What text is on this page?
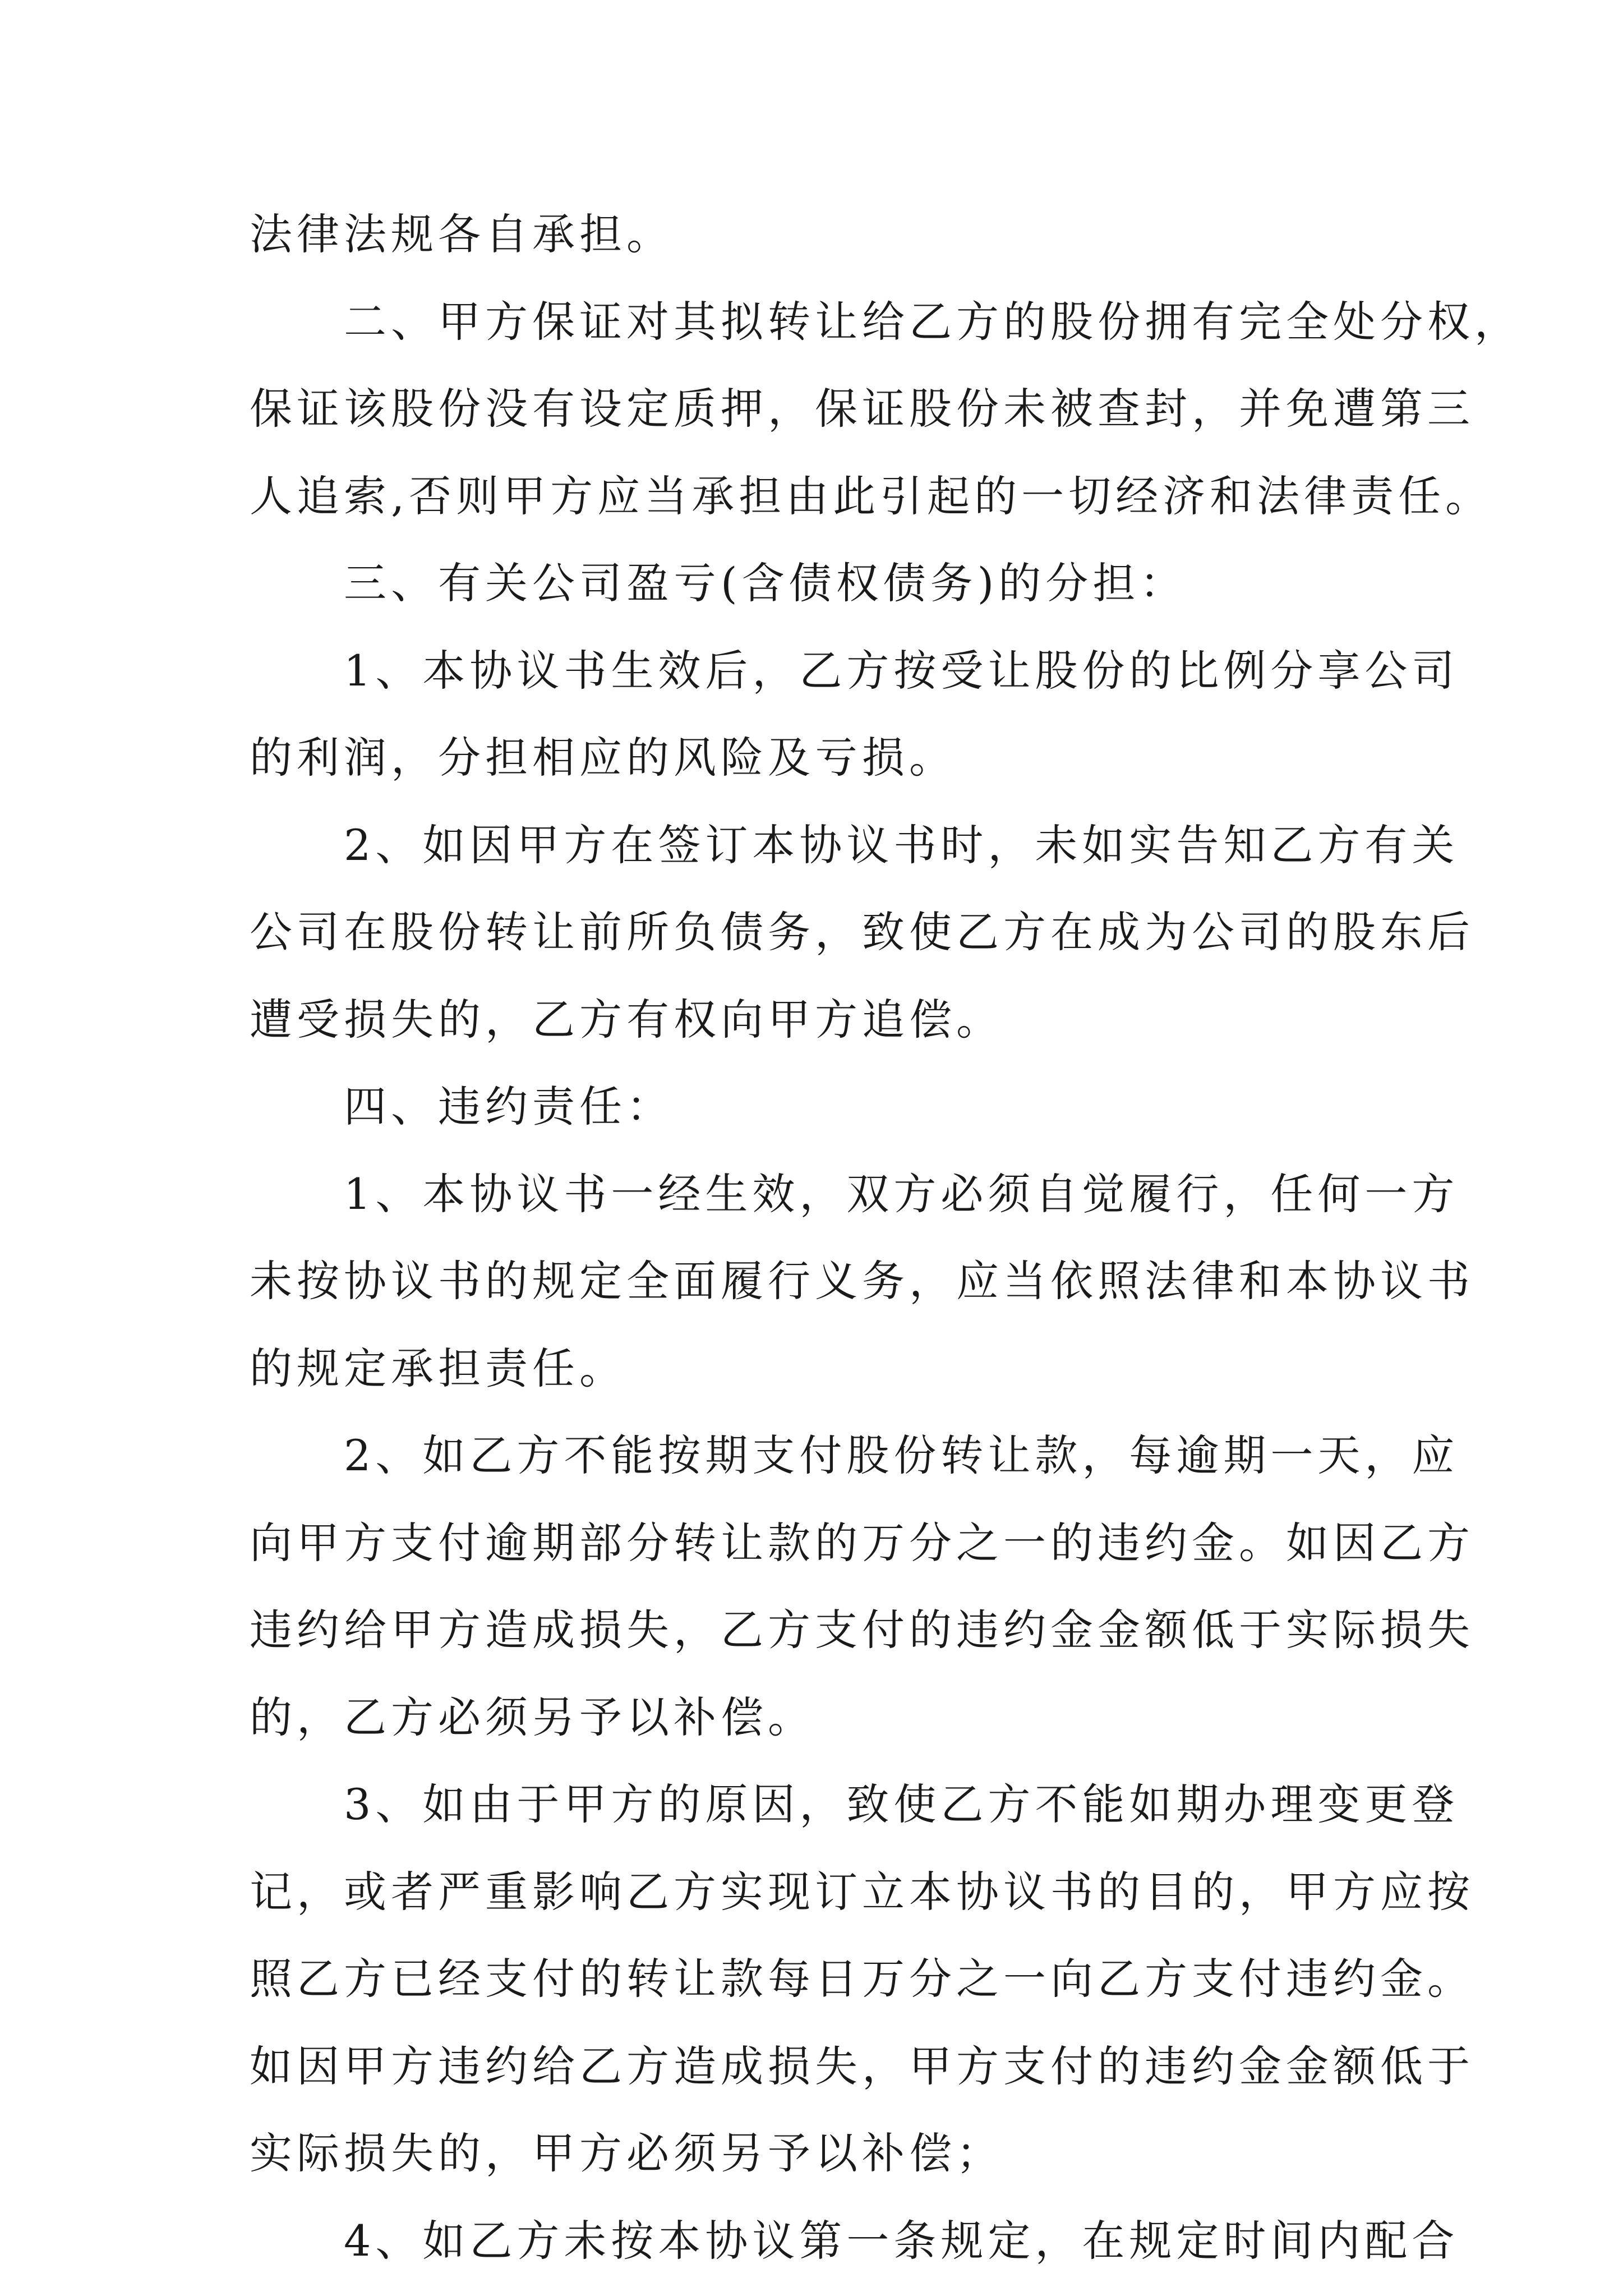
法律法规各自承担。

二、甲方保证对其拟转让给乙方的股份拥有完全处分权，
保证该股份没有设定质押，保证股份未被查封，并免遭第三
人追索,否则甲方应当承担由此引起的一切经济和法律责任。

三、有关公司盈亏(含债权债务)的分担：

1、本协议书生效后，乙方按受让股份的比例分享公司
的利润，分担相应的风险及亏损。

2、如因甲方在签订本协议书时，未如实告知乙方有关
公司在股份转让前所负债务，致使乙方在成为公司的股东后
遭受损失的，乙方有权向甲方追偿。

四、违约责任：

1、本协议书一经生效，双方必须自觉履行，任何一方
未按协议书的规定全面履行义务，应当依照法律和本协议书
的规定承担责任。

2、如乙方不能按期支付股份转让款，每逾期一天，应
向甲方支付逾期部分转让款的万分之一的违约金。如因乙方
违约给甲方造成损失，乙方支付的违约金金额低于实际损失
的，乙方必须另予以补偿。

3、如由于甲方的原因，致使乙方不能如期办理变更登
记，或者严重影响乙方实现订立本协议书的目的，甲方应按
照乙方已经支付的转让款每日万分之一向乙方支付违约金。
如因甲方违约给乙方造成损失，甲方支付的违约金金额低于
实际损失的，甲方必须另予以补偿；

4、如乙方未按本协议第一条规定，在规定时间内配合
